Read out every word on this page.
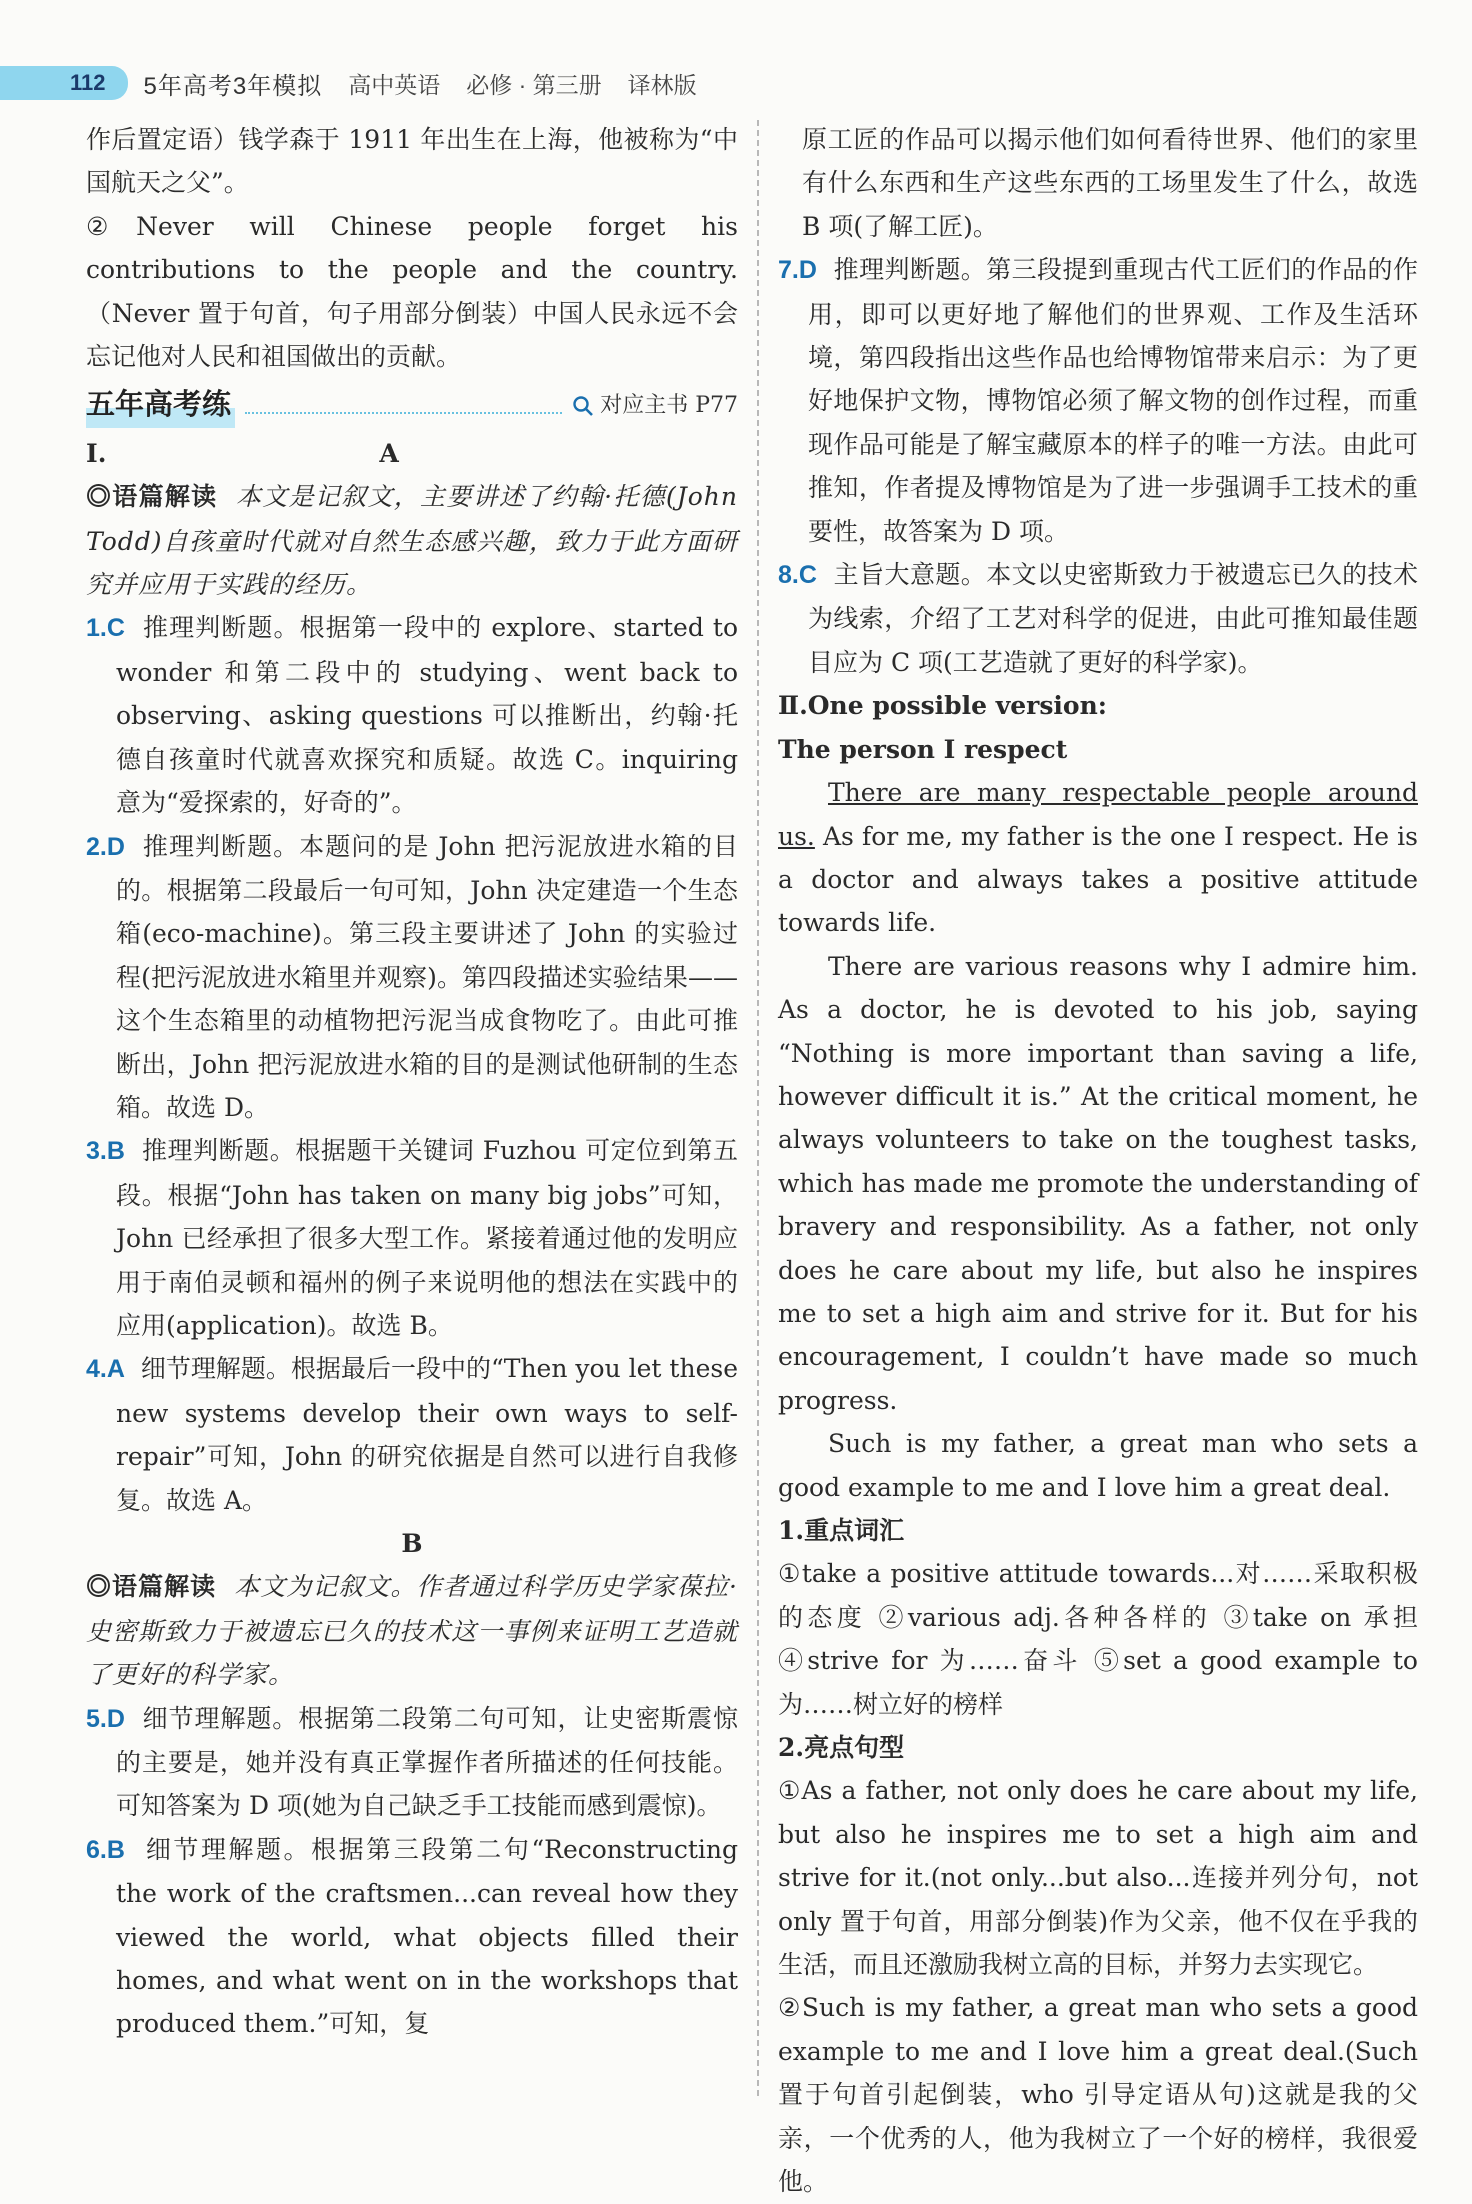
112	5年高考3年模拟 高中英语 必修 · 第三册 译林版

作后置定语）钱学森于 1911 年出生在上海，他被称为“中国航天之父”。

②Never will Chinese people forget his contributions to the people and the country.（Never 置于句首，句子用部分倒装）中国人民永远不会忘记他对人民和祖国做出的贡献。

五年高考练	对应主书 P77
Ⅰ.	A

◎语篇解读 本文是记叙文，主要讲述了约翰·托德(John Todd)自孩童时代就对自然生态感兴趣，致力于此方面研究并应用于实践的经历。

1.C 推理判断题。根据第一段中的 explore、started to wonder 和第二段中的 studying、went back to observing、asking questions 可以推断出，约翰·托德自孩童时代就喜欢探究和质疑。故选 C。inquiring 意为“爱探索的，好奇的”。

2.D 推理判断题。本题问的是 John 把污泥放进水箱的目的。根据第二段最后一句可知，John 决定建造一个生态箱(eco-machine)。第三段主要讲述了 John 的实验过程(把污泥放进水箱里并观察)。第四段描述实验结果——这个生态箱里的动植物把污泥当成食物吃了。由此可推断出，John 把污泥放进水箱的目的是测试他研制的生态箱。故选 D。

3.B 推理判断题。根据题干关键词 Fuzhou 可定位到第五段。根据“John has taken on many big jobs”可知，John 已经承担了很多大型工作。紧接着通过他的发明应用于南伯灵顿和福州的例子来说明他的想法在实践中的应用(application)。故选 B。

4.A 细节理解题。根据最后一段中的“Then you let these new systems develop their own ways to self-repair”可知，John 的研究依据是自然可以进行自我修复。故选 A。

B

◎语篇解读 本文为记叙文。作者通过科学历史学家葆拉·史密斯致力于被遗忘已久的技术这一事例来证明工艺造就了更好的科学家。

5.D 细节理解题。根据第二段第二句可知，让史密斯震惊的主要是，她并没有真正掌握作者所描述的任何技能。可知答案为 D 项(她为自己缺乏手工技能而感到震惊)。

6.B 细节理解题。根据第三段第二句“Reconstructing the work of the craftsmen...can reveal how they viewed the world, what objects filled their homes, and what went on in the workshops that produced them.”可知，复

原工匠的作品可以揭示他们如何看待世界、他们的家里有什么东西和生产这些东西的工场里发生了什么，故选 B 项(了解工匠)。

7.D 推理判断题。第三段提到重现古代工匠们的作品的作用，即可以更好地了解他们的世界观、工作及生活环境，第四段指出这些作品也给博物馆带来启示：为了更好地保护文物，博物馆必须了解文物的创作过程，而重现作品可能是了解宝藏原本的样子的唯一方法。由此可推知，作者提及博物馆是为了进一步强调手工技术的重要性，故答案为 D 项。

8.C 主旨大意题。本文以史密斯致力于被遗忘已久的技术为线索，介绍了工艺对科学的促进，由此可推知最佳题目应为 C 项(工艺造就了更好的科学家)。

Ⅱ.One possible version:

The person I respect

There are many respectable people around us. As for me, my father is the one I respect. He is a doctor and always takes a positive attitude towards life.

There are various reasons why I admire him. As a doctor, he is devoted to his job, saying “Nothing is more important than saving a life, however difficult it is.” At the critical moment, he always volunteers to take on the toughest tasks, which has made me promote the understanding of bravery and responsibility. As a father, not only does he care about my life, but also he inspires me to set a high aim and strive for it. But for his encouragement, I couldn’t have made so much progress.

Such is my father, a great man who sets a good example to me and I love him a great deal.

1.重点词汇

①take a positive attitude towards...对……采取积极的态度 ②various adj.各种各样的 ③take on 承担 ④strive for 为……奋斗 ⑤set a good example to 为……树立好的榜样

2.亮点句型

①As a father, not only does he care about my life, but also he inspires me to set a high aim and strive for it.(not only...but also...连接并列分句，not only 置于句首，用部分倒装)作为父亲，他不仅在乎我的生活，而且还激励我树立高的目标，并努力去实现它。

②Such is my father, a great man who sets a good example to me and I love him a great deal.(Such 置于句首引起倒装，who 引导定语从句)这就是我的父亲，一个优秀的人，他为我树立了一个好的榜样，我很爱他。
